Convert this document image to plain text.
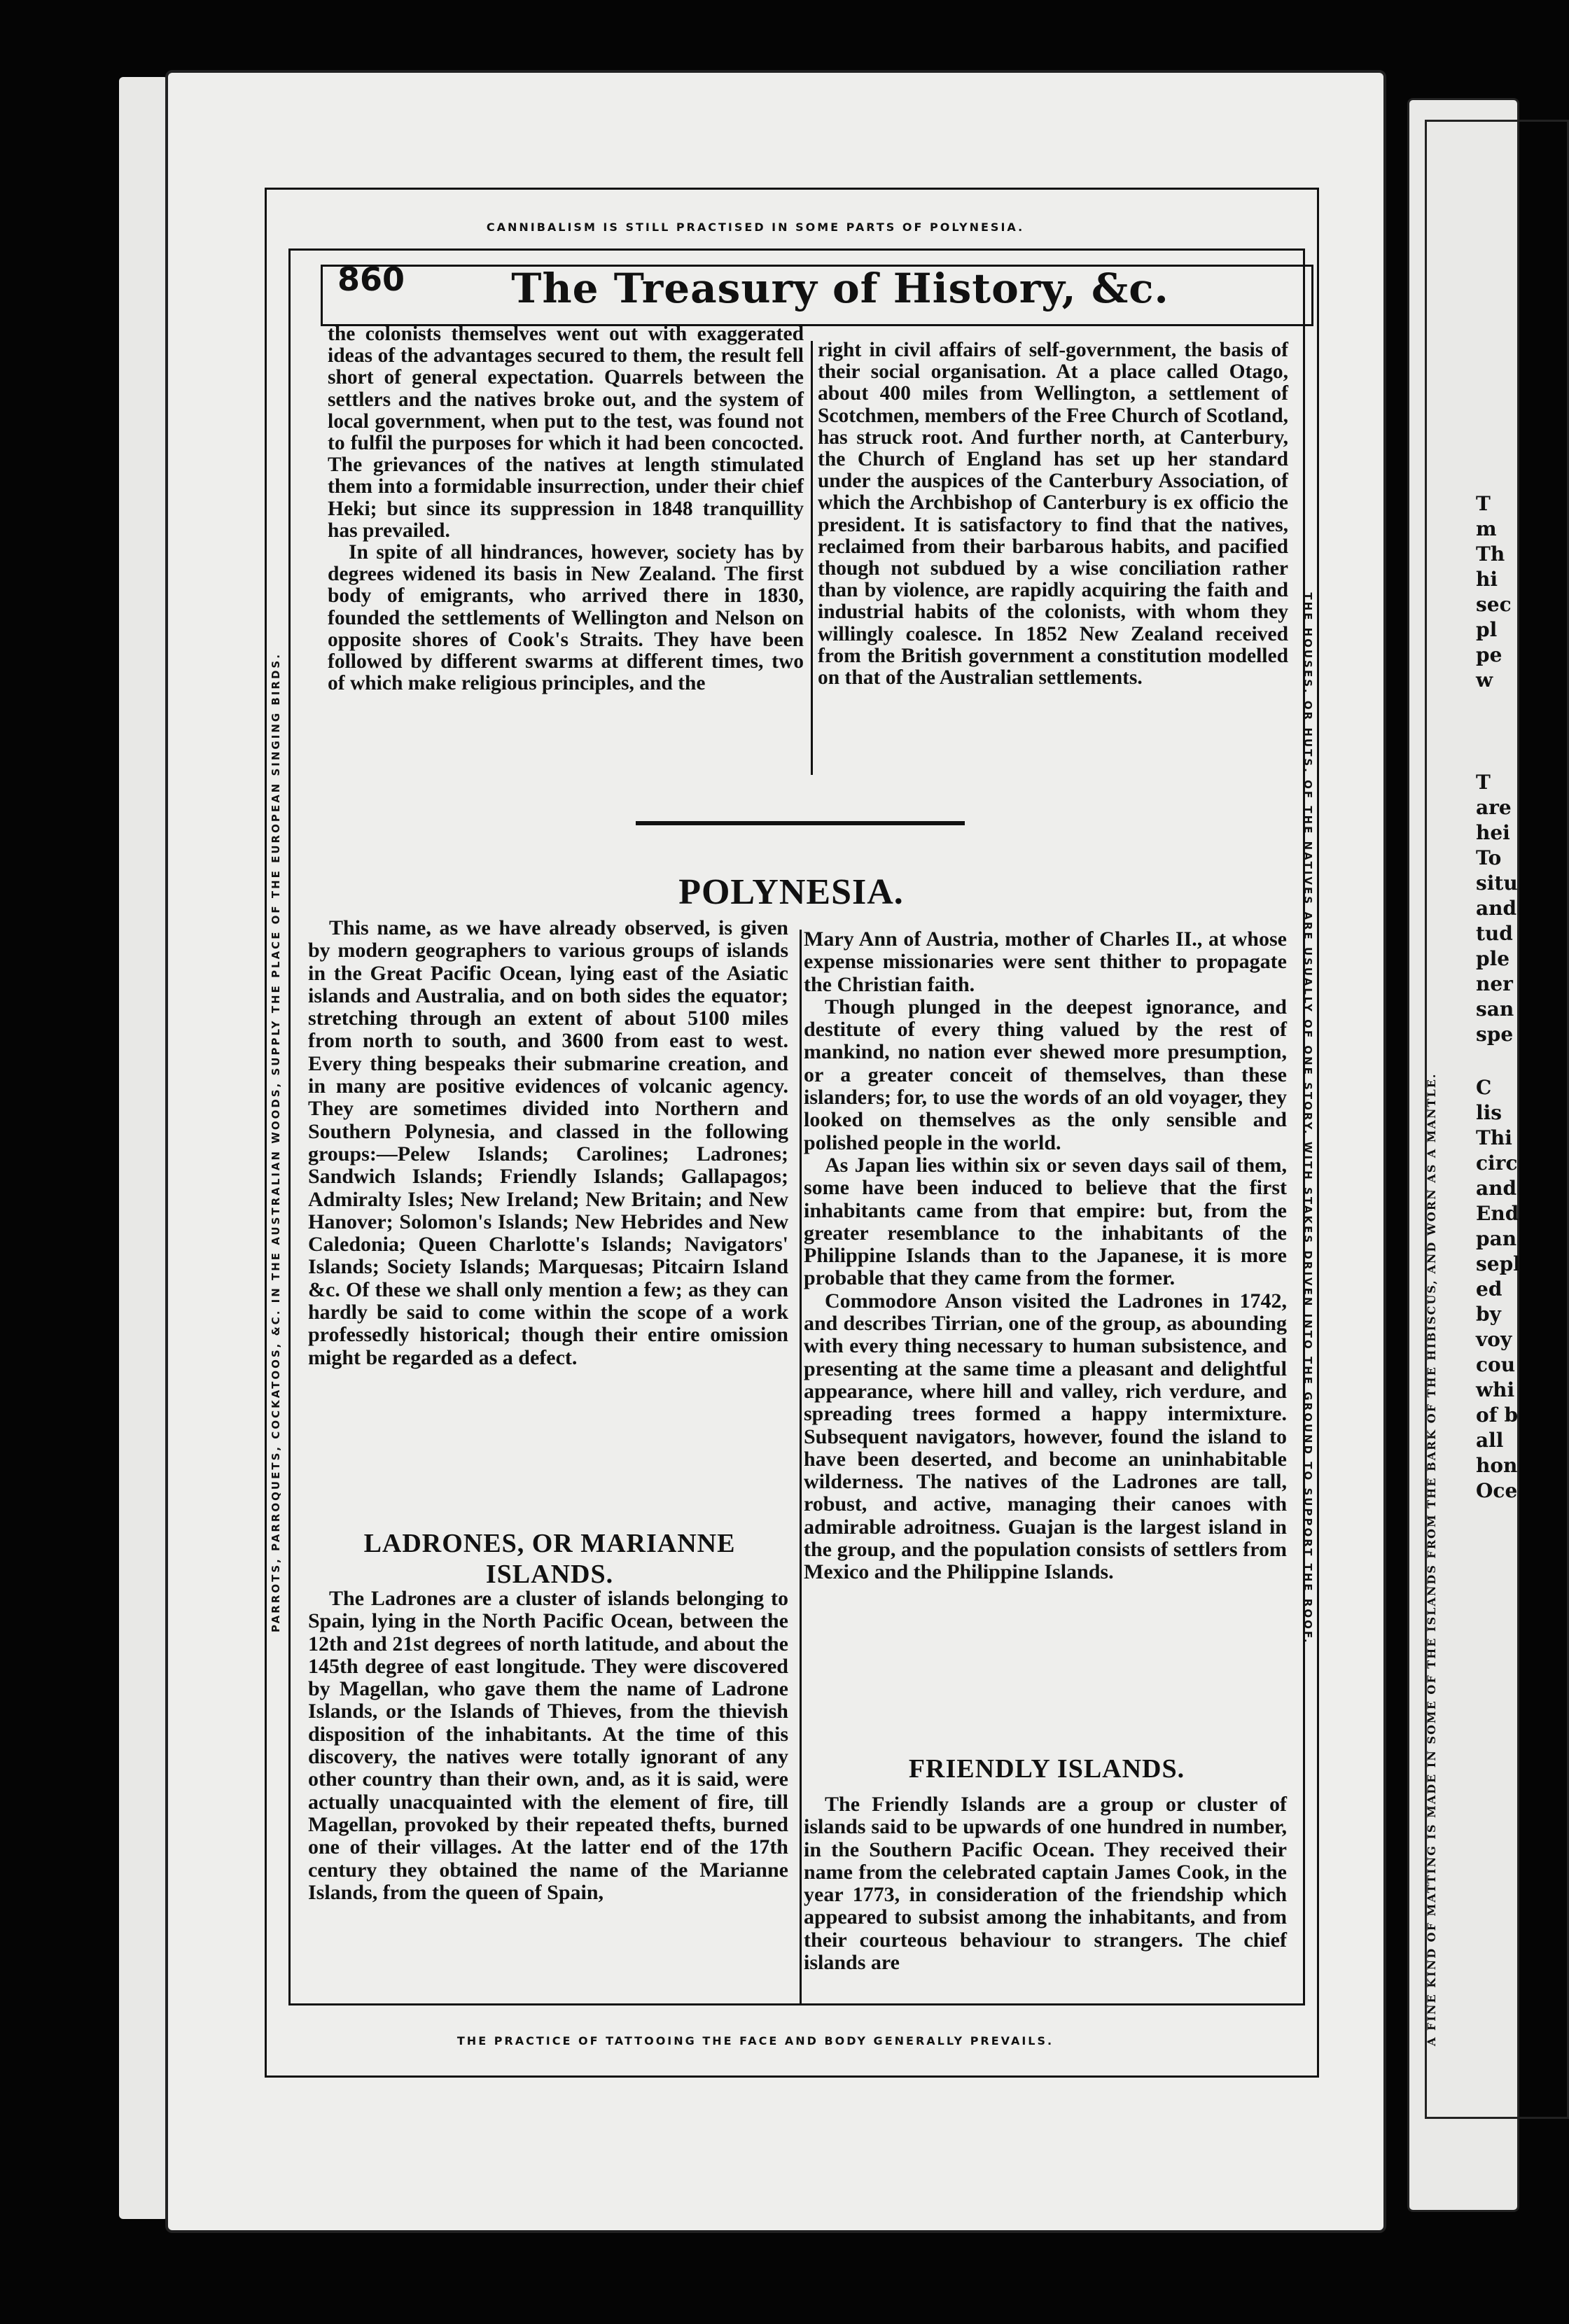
A FINE KIND OF MATTING IS MADE IN SOME OF THE ISLANDS FROM THE BARK OF THE HIBISCUS, AND WORN AS A MANTLE.
T
m
Th
hi
sec
pl
pe
w
T
are
hei
To
situ
and
tud
ple
ner
san
spe
C
lis
Thi
circ
and
End
pan
sepl
ed
by
voy
cou
whi
of b
all
hon
Oce
CANNIBALISM IS STILL PRACTISED IN SOME PARTS OF POLYNESIA.
THE PRACTICE OF TATTOOING THE FACE AND BODY GENERALLY PREVAILS.
PARROTS, PARROQUETS, COCKATOOS, &C. IN THE AUSTRALIAN WOODS, SUPPLY THE PLACE OF THE EUROPEAN SINGING BIRDS.	THE HOUSES, OR HUTS, OF THE NATIVES ARE USUALLY OF ONE STORY, WITH STAKES DRIVEN INTO THE GROUND TO SUPPORT THE ROOF.
860	The Treasury of History, &c.

the colonists themselves went out with exaggerated ideas of the advantages secured to them, the result fell short of general expectation. Quarrels between the settlers and the natives broke out, and the system of local government, when put to the test, was found not to fulfil the purposes for which it had been concocted. The grievances of the natives at length stimulated them into a formidable insurrection, under their chief Heki; but since its suppression in 1848 tranquillity has prevailed.

In spite of all hindrances, however, society has by degrees widened its basis in New Zealand. The first body of emigrants, who arrived there in 1830, founded the settlements of Wellington and Nelson on opposite shores of Cook's Straits. They have been followed by different swarms at different times, two of which make religious principles, and the

right in civil affairs of self-government, the basis of their social organisation. At a place called Otago, about 400 miles from Wellington, a settlement of Scotchmen, members of the Free Church of Scotland, has struck root. And further north, at Canterbury, the Church of England has set up her standard under the auspices of the Canterbury Association, of which the Archbishop of Canterbury is ex officio the president. It is satisfactory to find that the natives, reclaimed from their barbarous habits, and pacified though not subdued by a wise conciliation rather than by violence, are rapidly acquiring the faith and industrial habits of the colonists, with whom they willingly coalesce. In 1852 New Zealand received from the British government a constitution modelled on that of the Australian settlements.

POLYNESIA.

This name, as we have already observed, is given by modern geographers to various groups of islands in the Great Pacific Ocean, lying east of the Asiatic islands and Australia, and on both sides the equator; stretching through an extent of about 5100 miles from north to south, and 3600 from east to west. Every thing bespeaks their submarine creation, and in many are positive evidences of volcanic agency. They are sometimes divided into Northern and Southern Polynesia, and classed in the following groups:—Pelew Islands; Carolines; Ladrones; Sandwich Islands; Friendly Islands; Gallapagos; Admiralty Isles; New Ireland; New Britain; and New Hanover; Solomon's Islands; New Hebrides and New Caledonia; Queen Charlotte's Islands; Navigators' Islands; Society Islands; Marquesas; Pitcairn Island &c. Of these we shall only mention a few; as they can hardly be said to come within the scope of a work professedly historical; though their entire omission might be regarded as a defect.

LADRONES, OR MARIANNE ISLANDS.

The Ladrones are a cluster of islands belonging to Spain, lying in the North Pacific Ocean, between the 12th and 21st degrees of north latitude, and about the 145th degree of east longitude. They were discovered by Magellan, who gave them the name of Ladrone Islands, or the Islands of Thieves, from the thievish disposition of the inhabitants. At the time of this discovery, the natives were totally ignorant of any other country than their own, and, as it is said, were actually unacquainted with the element of fire, till Magellan, provoked by their repeated thefts, burned one of their villages. At the latter end of the 17th century they obtained the name of the Marianne Islands, from the queen of Spain,

Mary Ann of Austria, mother of Charles II., at whose expense missionaries were sent thither to propagate the Christian faith.

Though plunged in the deepest ignorance, and destitute of every thing valued by the rest of mankind, no nation ever shewed more presumption, or a greater conceit of themselves, than these islanders; for, to use the words of an old voyager, they looked on themselves as the only sensible and polished people in the world.

As Japan lies within six or seven days sail of them, some have been induced to believe that the first inhabitants came from that empire: but, from the greater resemblance to the inhabitants of the Philippine Islands than to the Japanese, it is more probable that they came from the former.

Commodore Anson visited the Ladrones in 1742, and describes Tirrian, one of the group, as abounding with every thing necessary to human subsistence, and presenting at the same time a pleasant and delightful appearance, where hill and valley, rich verdure, and spreading trees formed a happy intermixture. Subsequent navigators, however, found the island to have been deserted, and become an uninhabitable wilderness. The natives of the Ladrones are tall, robust, and active, managing their canoes with admirable adroitness. Guajan is the largest island in the group, and the population consists of settlers from Mexico and the Philippine Islands.

FRIENDLY ISLANDS.

The Friendly Islands are a group or cluster of islands said to be upwards of one hundred in number, in the Southern Pacific Ocean. They received their name from the celebrated captain James Cook, in the year 1773, in consideration of the friendship which appeared to subsist among the inhabitants, and from their courteous behaviour to strangers. The chief islands are
